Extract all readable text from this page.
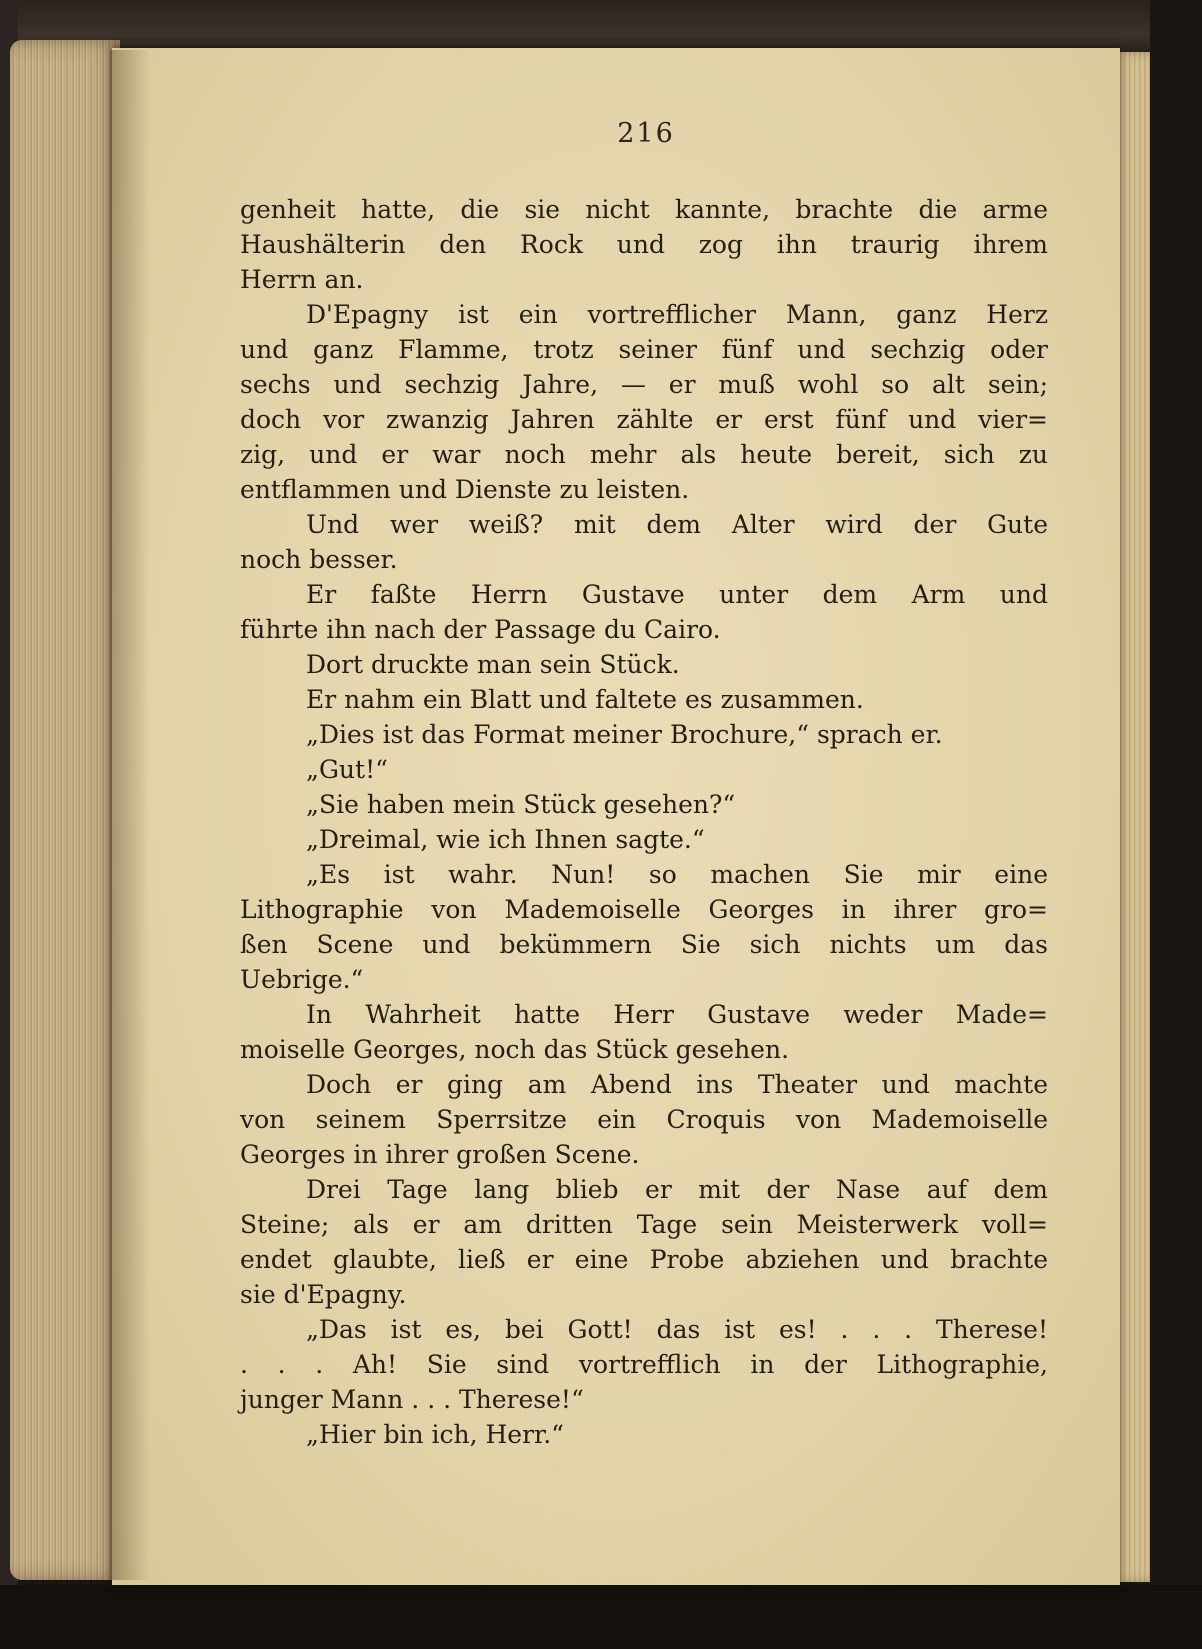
216
genheit hatte, die sie nicht kannte, brachte die arme
Haushälterin den Rock und zog ihn traurig ihrem
Herrn an.
D'Epagny ist ein vortrefflicher Mann, ganz Herz
und ganz Flamme, trotz seiner fünf und sechzig oder
sechs und sechzig Jahre, — er muß wohl so alt sein;
doch vor zwanzig Jahren zählte er erst fünf und vier=
zig, und er war noch mehr als heute bereit, sich zu
entflammen und Dienste zu leisten.
Und wer weiß? mit dem Alter wird der Gute
noch besser.
Er faßte Herrn Gustave unter dem Arm und
führte ihn nach der Passage du Cairo.
Dort druckte man sein Stück.
Er nahm ein Blatt und faltete es zusammen.
„Dies ist das Format meiner Brochure,“ sprach er.
„Gut!“
„Sie haben mein Stück gesehen?“
„Dreimal, wie ich Ihnen sagte.“
„Es ist wahr. Nun! so machen Sie mir eine
Lithographie von Mademoiselle Georges in ihrer gro=
ßen Scene und bekümmern Sie sich nichts um das
Uebrige.“
In Wahrheit hatte Herr Gustave weder Made=
moiselle Georges, noch das Stück gesehen.
Doch er ging am Abend ins Theater und machte
von seinem Sperrsitze ein Croquis von Mademoiselle
Georges in ihrer großen Scene.
Drei Tage lang blieb er mit der Nase auf dem
Steine; als er am dritten Tage sein Meisterwerk voll=
endet glaubte, ließ er eine Probe abziehen und brachte
sie d'Epagny.
„Das ist es, bei Gott! das ist es! . . . Therese!
. . . Ah! Sie sind vortrefflich in der Lithographie,
junger Mann . . . Therese!“
„Hier bin ich, Herr.“
